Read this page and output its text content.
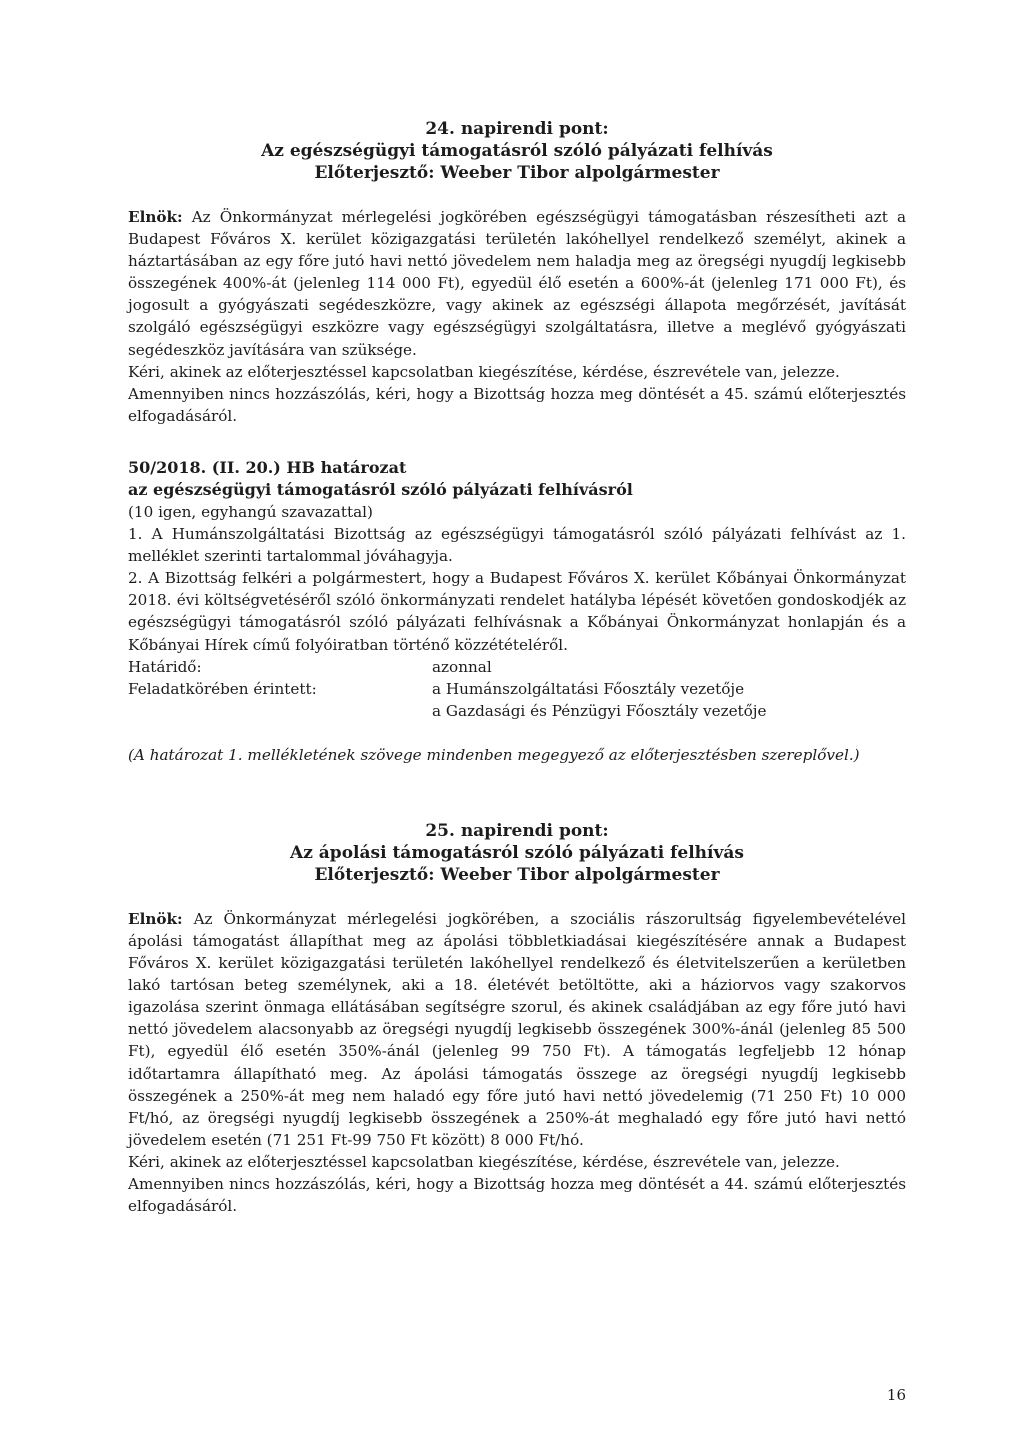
24. napirendi pont:
Az egészségügyi támogatásról szóló pályázati felhívás
Előterjesztő: Weeber Tibor alpolgármester

Elnök: Az Önkormányzat mérlegelési jogkörében egészségügyi támogatásban részesítheti azt a Budapest Főváros X. kerület közigazgatási területén lakóhellyel rendelkező személyt, akinek a háztartásában az egy főre jutó havi nettó jövedelem nem haladja meg az öregségi nyugdíj legkisebb összegének 400%-át (jelenleg 114 000 Ft), egyedül élő esetén a 600%-át (jelenleg 171 000 Ft), és jogosult a gyógyászati segédeszközre, vagy akinek az egészségi állapota megőrzését, javítását szolgáló egészségügyi eszközre vagy egészségügyi szolgáltatásra, illetve a meglévő gyógyászati segédeszköz javítására van szüksége.

Kéri, akinek az előterjesztéssel kapcsolatban kiegészítése, kérdése, észrevétele van, jelezze.

Amennyiben nincs hozzászólás, kéri, hogy a Bizottság hozza meg döntését a 45. számú előterjesztés elfogadásáról.

50/2018. (II. 20.) HB határozat
az egészségügyi támogatásról szóló pályázati felhívásról

(10 igen, egyhangú szavazattal)

1. A Humánszolgáltatási Bizottság az egészségügyi támogatásról szóló pályázati felhívást az 1. melléklet szerinti tartalommal jóváhagyja.

2. A Bizottság felkéri a polgármestert, hogy a Budapest Főváros X. kerület Kőbányai Önkormányzat 2018. évi költségvetéséről szóló önkormányzati rendelet hatályba lépését követően gondoskodjék az egészségügyi támogatásról szóló pályázati felhívásnak a Kőbányai Önkormányzat honlapján és a Kőbányai Hírek című folyóiratban történő közzétételéről.

Határidő:	azonnal
Feladatkörében érintett:	a Humánszolgáltatási Főosztály vezetője
a Gazdasági és Pénzügyi Főosztály vezetője
(A határozat 1. mellékletének szövege mindenben megegyező az előterjesztésben szereplővel.)
25. napirendi pont:
Az ápolási támogatásról szóló pályázati felhívás
Előterjesztő: Weeber Tibor alpolgármester

Elnök: Az Önkormányzat mérlegelési jogkörében, a szociális rászorultság figyelembevételével ápolási támogatást állapíthat meg az ápolási többletkiadásai kiegészítésére annak a Budapest Főváros X. kerület közigazgatási területén lakóhellyel rendelkező és életvitelszerűen a kerületben lakó tartósan beteg személynek, aki a 18. életévét betöltötte, aki a háziorvos vagy szakorvos igazolása szerint önmaga ellátásában segítségre szorul, és akinek családjában az egy főre jutó havi nettó jövedelem alacsonyabb az öregségi nyugdíj legkisebb összegének 300%-ánál (jelenleg 85 500 Ft), egyedül élő esetén 350%-ánál (jelenleg 99 750 Ft). A támogatás legfeljebb 12 hónap időtartamra állapítható meg. Az ápolási támogatás összege az öregségi nyugdíj legkisebb összegének a 250%-át meg nem haladó egy főre jutó havi nettó jövedelemig (71 250 Ft) 10 000 Ft/hó, az öregségi nyugdíj legkisebb összegének a 250%-át meghaladó egy főre jutó havi nettó jövedelem esetén (71 251 Ft-99 750 Ft között) 8 000 Ft/hó.

Kéri, akinek az előterjesztéssel kapcsolatban kiegészítése, kérdése, észrevétele van, jelezze.

Amennyiben nincs hozzászólás, kéri, hogy a Bizottság hozza meg döntését a 44. számú előterjesztés elfogadásáról.

16
